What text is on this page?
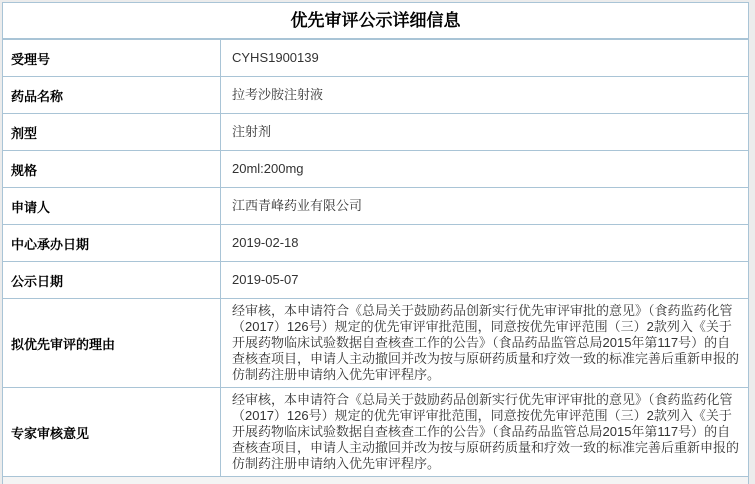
优先审评公示详细信息
受理号	CYHS1900139
药品名称	拉考沙胺注射液
剂型	注射剂
规格	20ml:200mg
申请人	江西青峰药业有限公司
中心承办日期	2019-02-18
公示日期	2019-05-07
拟优先审评的理由	经审核，本申请符合《总局关于鼓励药品创新实行优先审评审批的意见》（食药监药化管（2017）126号）规定的优先审评审批范围，同意按优先审评范围（三）2款列入《关于开展药物临床试验数据自查核查工作的公告》（食品药品监管总局2015年第117号）的自查核查项目，申请人主动撤回并改为按与原研药质量和疗效一致的标准完善后重新申报的仿制药注册申请纳入优先审评程序。
专家审核意见	经审核，本申请符合《总局关于鼓励药品创新实行优先审评审批的意见》（食药监药化管（2017）126号）规定的优先审评审批范围，同意按优先审评范围（三）2款列入《关于开展药物临床试验数据自查核查工作的公告》（食品药品监管总局2015年第117号）的自查核查项目，申请人主动撤回并改为按与原研药质量和疗效一致的标准完善后重新申报的仿制药注册申请纳入优先审评程序。
